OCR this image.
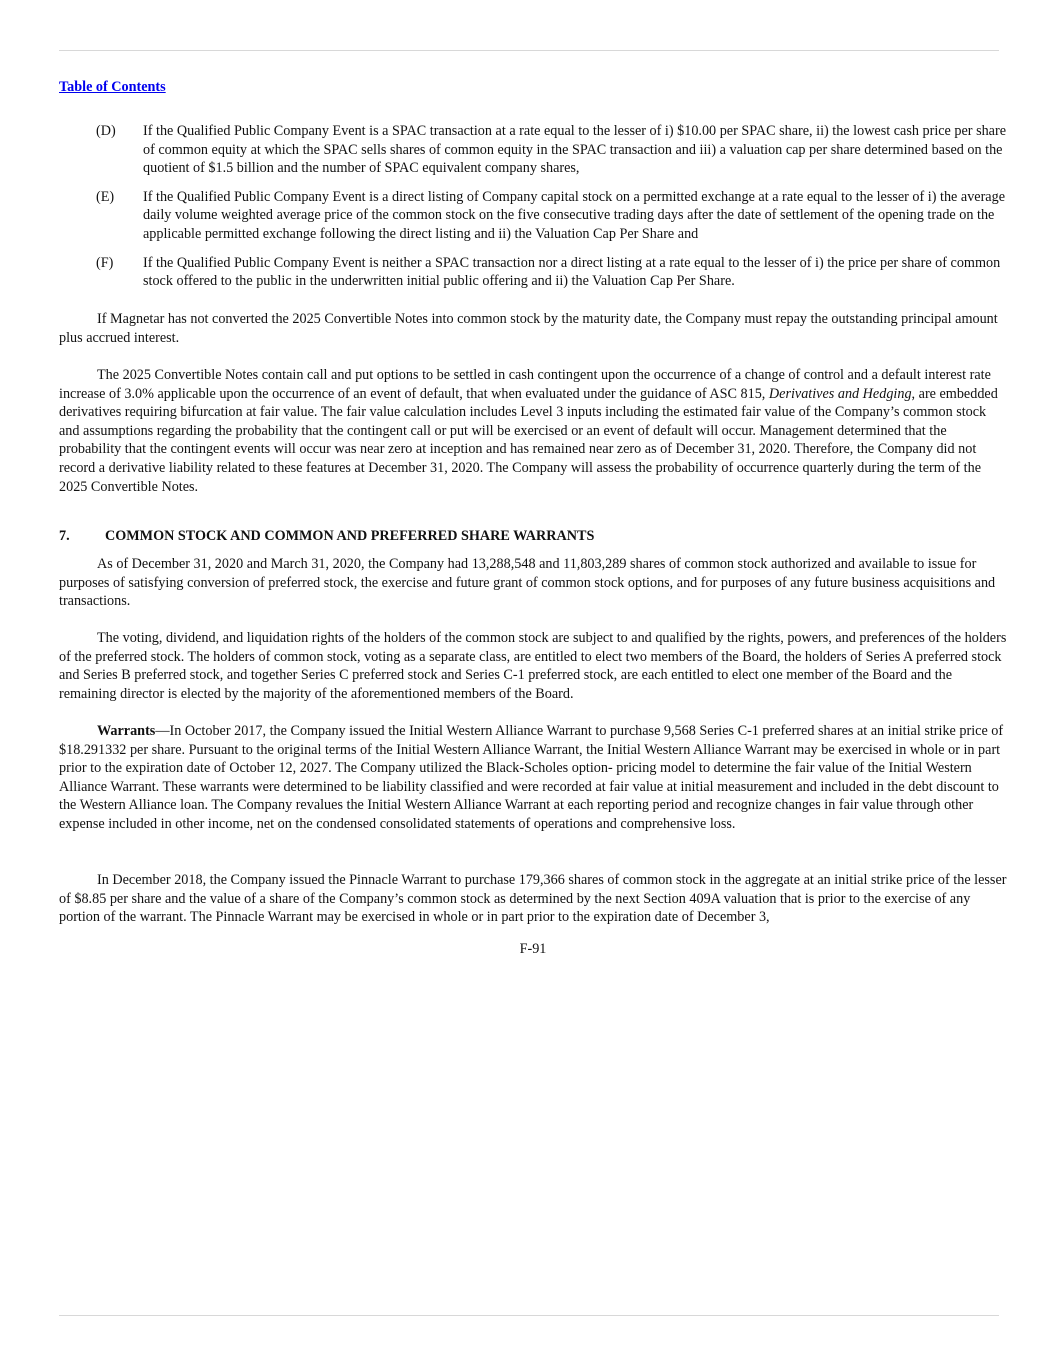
Table of Contents
(D)	If the Qualified Public Company Event is a SPAC transaction at a rate equal to the lesser of i) $10.00 per SPAC share, ii) the lowest cash price per share of common equity at which the SPAC sells shares of common equity in the SPAC transaction and iii) a valuation cap per share determined based on the quotient of $1.5 billion and the number of SPAC equivalent company shares,
(E)	If the Qualified Public Company Event is a direct listing of Company capital stock on a permitted exchange at a rate equal to the lesser of i) the average daily volume weighted average price of the common stock on the five consecutive trading days after the date of settlement of the opening trade on the applicable permitted exchange following the direct listing and ii) the Valuation Cap Per Share and
(F)	If the Qualified Public Company Event is neither a SPAC transaction nor a direct listing at a rate equal to the lesser of i) the price per share of common stock offered to the public in the underwritten initial public offering and ii) the Valuation Cap Per Share.

If Magnetar has not converted the 2025 Convertible Notes into common stock by the maturity date, the Company must repay the outstanding principal amount plus accrued interest.

The 2025 Convertible Notes contain call and put options to be settled in cash contingent upon the occurrence of a change of control and a default interest rate increase of 3.0% applicable upon the occurrence of an event of default, that when evaluated under the guidance of ASC 815, Derivatives and Hedging, are embedded derivatives requiring bifurcation at fair value. The fair value calculation includes Level 3 inputs including the estimated fair value of the Company’s common stock and assumptions regarding the probability that the contingent call or put will be exercised or an event of default will occur. Management determined that the probability that the contingent events will occur was near zero at inception and has remained near zero as of December 31, 2020. Therefore, the Company did not record a derivative liability related to these features at December 31, 2020. The Company will assess the probability of occurrence quarterly during the term of the 2025 Convertible Notes.

7.	COMMON STOCK AND COMMON AND PREFERRED SHARE WARRANTS

As of December 31, 2020 and March 31, 2020, the Company had 13,288,548 and 11,803,289 shares of common stock authorized and available to issue for purposes of satisfying conversion of preferred stock, the exercise and future grant of common stock options, and for purposes of any future business acquisitions and transactions.

The voting, dividend, and liquidation rights of the holders of the common stock are subject to and qualified by the rights, powers, and preferences of the holders of the preferred stock. The holders of common stock, voting as a separate class, are entitled to elect two members of the Board, the holders of Series A preferred stock and Series B preferred stock, and together Series C preferred stock and Series C-1 preferred stock, are each entitled to elect one member of the Board and the remaining director is elected by the majority of the aforementioned members of the Board.

Warrants—In October 2017, the Company issued the Initial Western Alliance Warrant to purchase 9,568 Series C-1 preferred shares at an initial strike price of $18.291332 per share. Pursuant to the original terms of the Initial Western Alliance Warrant, the Initial Western Alliance Warrant may be exercised in whole or in part prior to the expiration date of October 12, 2027. The Company utilized the Black-Scholes option- pricing model to determine the fair value of the Initial Western Alliance Warrant. These warrants were determined to be liability classified and were recorded at fair value at initial measurement and included in the debt discount to the Western Alliance loan. The Company revalues the Initial Western Alliance Warrant at each reporting period and recognize changes in fair value through other expense included in other income, net on the condensed consolidated statements of operations and comprehensive loss.

In December 2018, the Company issued the Pinnacle Warrant to purchase 179,366 shares of common stock in the aggregate at an initial strike price of the lesser of $8.85 per share and the value of a share of the Company’s common stock as determined by the next Section 409A valuation that is prior to the exercise of any portion of the warrant. The Pinnacle Warrant may be exercised in whole or in part prior to the expiration date of December 3,

F-91
